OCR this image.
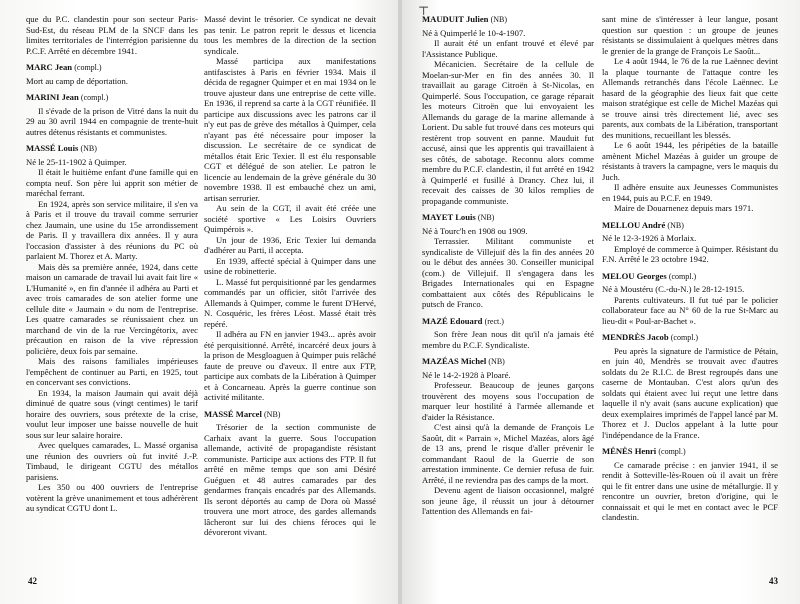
⊤

que du P.C. clandestin pour son secteur Paris-Sud-Est, du réseau PLM de la SNCF dans les limites territoriales de l'interrégion parisienne du P.C.F. Arrêté en décembre 1941.

MARC Jean (compl.)

Mort au camp de déportation.

MARINI Jean (compl.)

Il s'évade de la prison de Vitré dans la nuit du 29 au 30 avril 1944 en compagnie de trente-huit autres détenus résistants et communistes.

MASSÉ Louis (NB)

Né le 25-11-1902 à Quimper.

Il était le huitième enfant d'une famille qui en compta neuf. Son père lui apprit son métier de maréchal ferrant.

En 1924, après son service militaire, il s'en va à Paris et il trouve du travail comme serrurier chez Jaumain, une usine du 15e arrondissement de Paris. Il y travaillera dix années. Il y aura l'occasion d'assister à des réunions du PC où parlaient M. Thorez et A. Marty.

Mais dès sa première année, 1924, dans cette maison un camarade de travail lui avait fait lire « L'Humanité », en fin d'année il adhéra au Parti et avec trois camarades de son atelier forme une cellule dite « Jaumain » du nom de l'entreprise. Les quatre camarades se réunissaient chez un marchand de vin de la rue Vercingétorix, avec précaution en raison de la vive répression policière, deux fois par semaine.

Mais des raisons familiales impérieuses l'empêchent de continuer au Parti, en 1925, tout en concervant ses convictions.

En 1934, la maison Jaumain qui avait déjà diminué de quatre sous (vingt centimes) le tarif horaire des ouvriers, sous prétexte de la crise, voulut leur imposer une baisse nouvelle de huit sous sur leur salaire horaire.

Avec quelques camarades, L. Massé organisa une réunion des ouvriers où fut invité J.-P. Timbaud, le dirigeant CGTU des métallos parisiens.

Les 350 ou 400 ouvriers de l'entreprise votèrent la grève unanimement et tous adhérèrent au syndicat CGTU dont L.

Massé devint le trésorier. Ce syndicat ne devait pas tenir. Le patron reprit le dessus et licencia tous les membres de la direction de la section syndicale.

Massé participa aux manifestations antifascistes à Paris en février 1934. Mais il décida de regagner Quimper et en mai 1934 on le trouve ajusteur dans une entreprise de cette ville. En 1936, il reprend sa carte à la CGT réunifiée. Il participe aux discussions avec les patrons car il n'y eut pas de grève des métallos à Quimper, cela n'ayant pas été nécessaire pour imposer la discussion. Le secrétaire de ce syndicat de métallos était Eric Texier. Il est élu responsable CGT et délégué de son atelier. Le patron le licencie au lendemain de la grève générale du 30 novembre 1938. Il est embauché chez un ami, artisan serrurier.

Au sein de la CGT, il avait été créée une société sportive « Les Loisirs Ouvriers Quimpérois ».

Un jour de 1936, Eric Texier lui demanda d'adhérer au Parti, il accepta.

En 1939, affecté spécial à Quimper dans une usine de robinetterie.

L. Massé fut perquisitionné par les gendarmes commandés par un officier, sitôt l'arrivée des Allemands à Quimper, comme le furent D'Hervé, N. Cosquéric, les frères Léost. Massé était très repéré.

Il adhéra au FN en janvier 1943... après avoir été perquisitionné. Arrêté, incarcéré deux jours à la prison de Mesgloaguen à Quimper puis relâché faute de preuve ou d'aveux. Il entre aux FTP, participe aux combats de la Libération à Quimper et à Concarneau. Après la guerre continue son activité militante.

MASSÉ Marcel (NB)

Trésorier de la section communiste de Carhaix avant la guerre. Sous l'occupation allemande, activité de propagandiste résistant communiste. Participe aux actions des FTP. Il fut arrêté en même temps que son ami Désiré Guéguen et 48 autres camarades par des gendarmes français encadrés par des Allemands. Ils seront déportés au camp de Dora où Massé trouvera une mort atroce, des gardes allemands lâcheront sur lui des chiens féroces qui le dévoreront vivant.

MAUDUIT Julien (NB)

Né à Quimperlé le 10-4-1907.

Il aurait été un enfant trouvé et élevé par l'Assistance Publique.

Mécanicien. Secrétaire de la cellule de Moelan-sur-Mer en fin des années 30. Il travaillait au garage Citroën à St-Nicolas, en Quimperlé. Sous l'occupation, ce garage réparait les moteurs Citroën que lui envoyaient les Allemands du garage de la marine allemande à Lorient. Du sable fut trouvé dans ces moteurs qui restèrent trop souvent en panne. Mauduit fut accusé, ainsi que les apprentis qui travaillaient à ses côtés, de sabotage. Reconnu alors comme membre du P.C.F. clandestin, il fut arrêté en 1942 à Quimperlé et fusillé à Drancy. Chez lui, il recevait des caisses de 30 kilos remplies de propagande communiste.

MAYET Louis (NB)

Né à Tourc'h en 1908 ou 1909.

Terrassier. Militant communiste et syndicaliste de Villejuif dès la fin des années 20 ou le début des années 30. Conseiller municipal (com.) de Villejuif. Il s'engagera dans les Brigades Internationales qui en Espagne combattaient aux côtés des Républicains le putsch de Franco.

MAZÉ Edouard (rect.)

Son frère Jean nous dit qu'il n'a jamais été membre du P.C.F. Syndicaliste.

MAZÉAS Michel (NB)

Né le 14-2-1928 à Ploaré.

Professeur. Beaucoup de jeunes garçons trouvèrent des moyens sous l'occupation de marquer leur hostilité à l'armée allemande et d'aider la Résistance.

C'est ainsi qu'à la demande de François Le Saoût, dit « Parrain », Michel Mazéas, alors âgé de 13 ans, prend le risque d'aller prévenir le commandant Raoul de la Guerrie de son arrestation imminente. Ce dernier refusa de fuir. Arrêté, il ne reviendra pas des camps de la mort.

Devenu agent de liaison occasionnel, malgré son jeune âge, il réussit un jour à détourner l'attention des Allemands en fai-

sant mine de s'intéresser à leur langue, posant question sur question : un groupe de jeunes résistants se dissimulaient à quelques mètres dans le grenier de la grange de François Le Saoût...

Le 4 août 1944, le 76 de la rue Laënnec devint la plaque tournante de l'attaque contre les Allemands retranchés dans l'école Laënnec. Le hasard de la géographie des lieux fait que cette maison stratégique est celle de Michel Mazéas qui se trouve ainsi très directement lié, avec ses parents, aux combats de la Libération, transportant des munitions, recueillant les blessés.

Le 6 août 1944, les péripéties de la bataille amènent Michel Mazéas à guider un groupe de résistants à travers la campagne, vers le maquis du Juch.

Il adhère ensuite aux Jeunesses Communistes en 1944, puis au P.C.F. en 1949.

Maire de Douarnenez depuis mars 1971.

MELLOU André (NB)

Né le 12-3-1926 à Morlaix.

Employé de commerce à Quimper. Résistant du F.N. Arrêté le 23 octobre 1942.

MELOU Georges (compl.)

Né à Moustéru (C.-du-N.) le 28-12-1915.

Parents cultivateurs. Il fut tué par le policier collaborateur face au N° 60 de la rue St-Marc au lieu-dit « Poul-ar-Bachet ».

MENDRÈS Jacob (compl.)

Peu après la signature de l'armistice de Pétain, en juin 40, Mendrès se trouvait avec d'autres soldats du 2e R.I.C. de Brest regroupés dans une caserne de Montauban. C'est alors qu'un des soldats qui étaient avec lui reçut une lettre dans laquelle il n'y avait (sans aucune explication) que deux exemplaires imprimés de l'appel lancé par M. Thorez et J. Duclos appelant à la lutte pour l'indépendance de la France.

MÉNÈS Henri (compl.)

Ce camarade précise : en janvier 1941, il se rendit à Sotteville-lès-Rouen où il avait un frère qui le fit entrer dans une usine de métallurgie. Il y rencontre un ouvrier, breton d'origine, qui le connaissait et qui le met en contact avec le PCF clandestin.

42	43
